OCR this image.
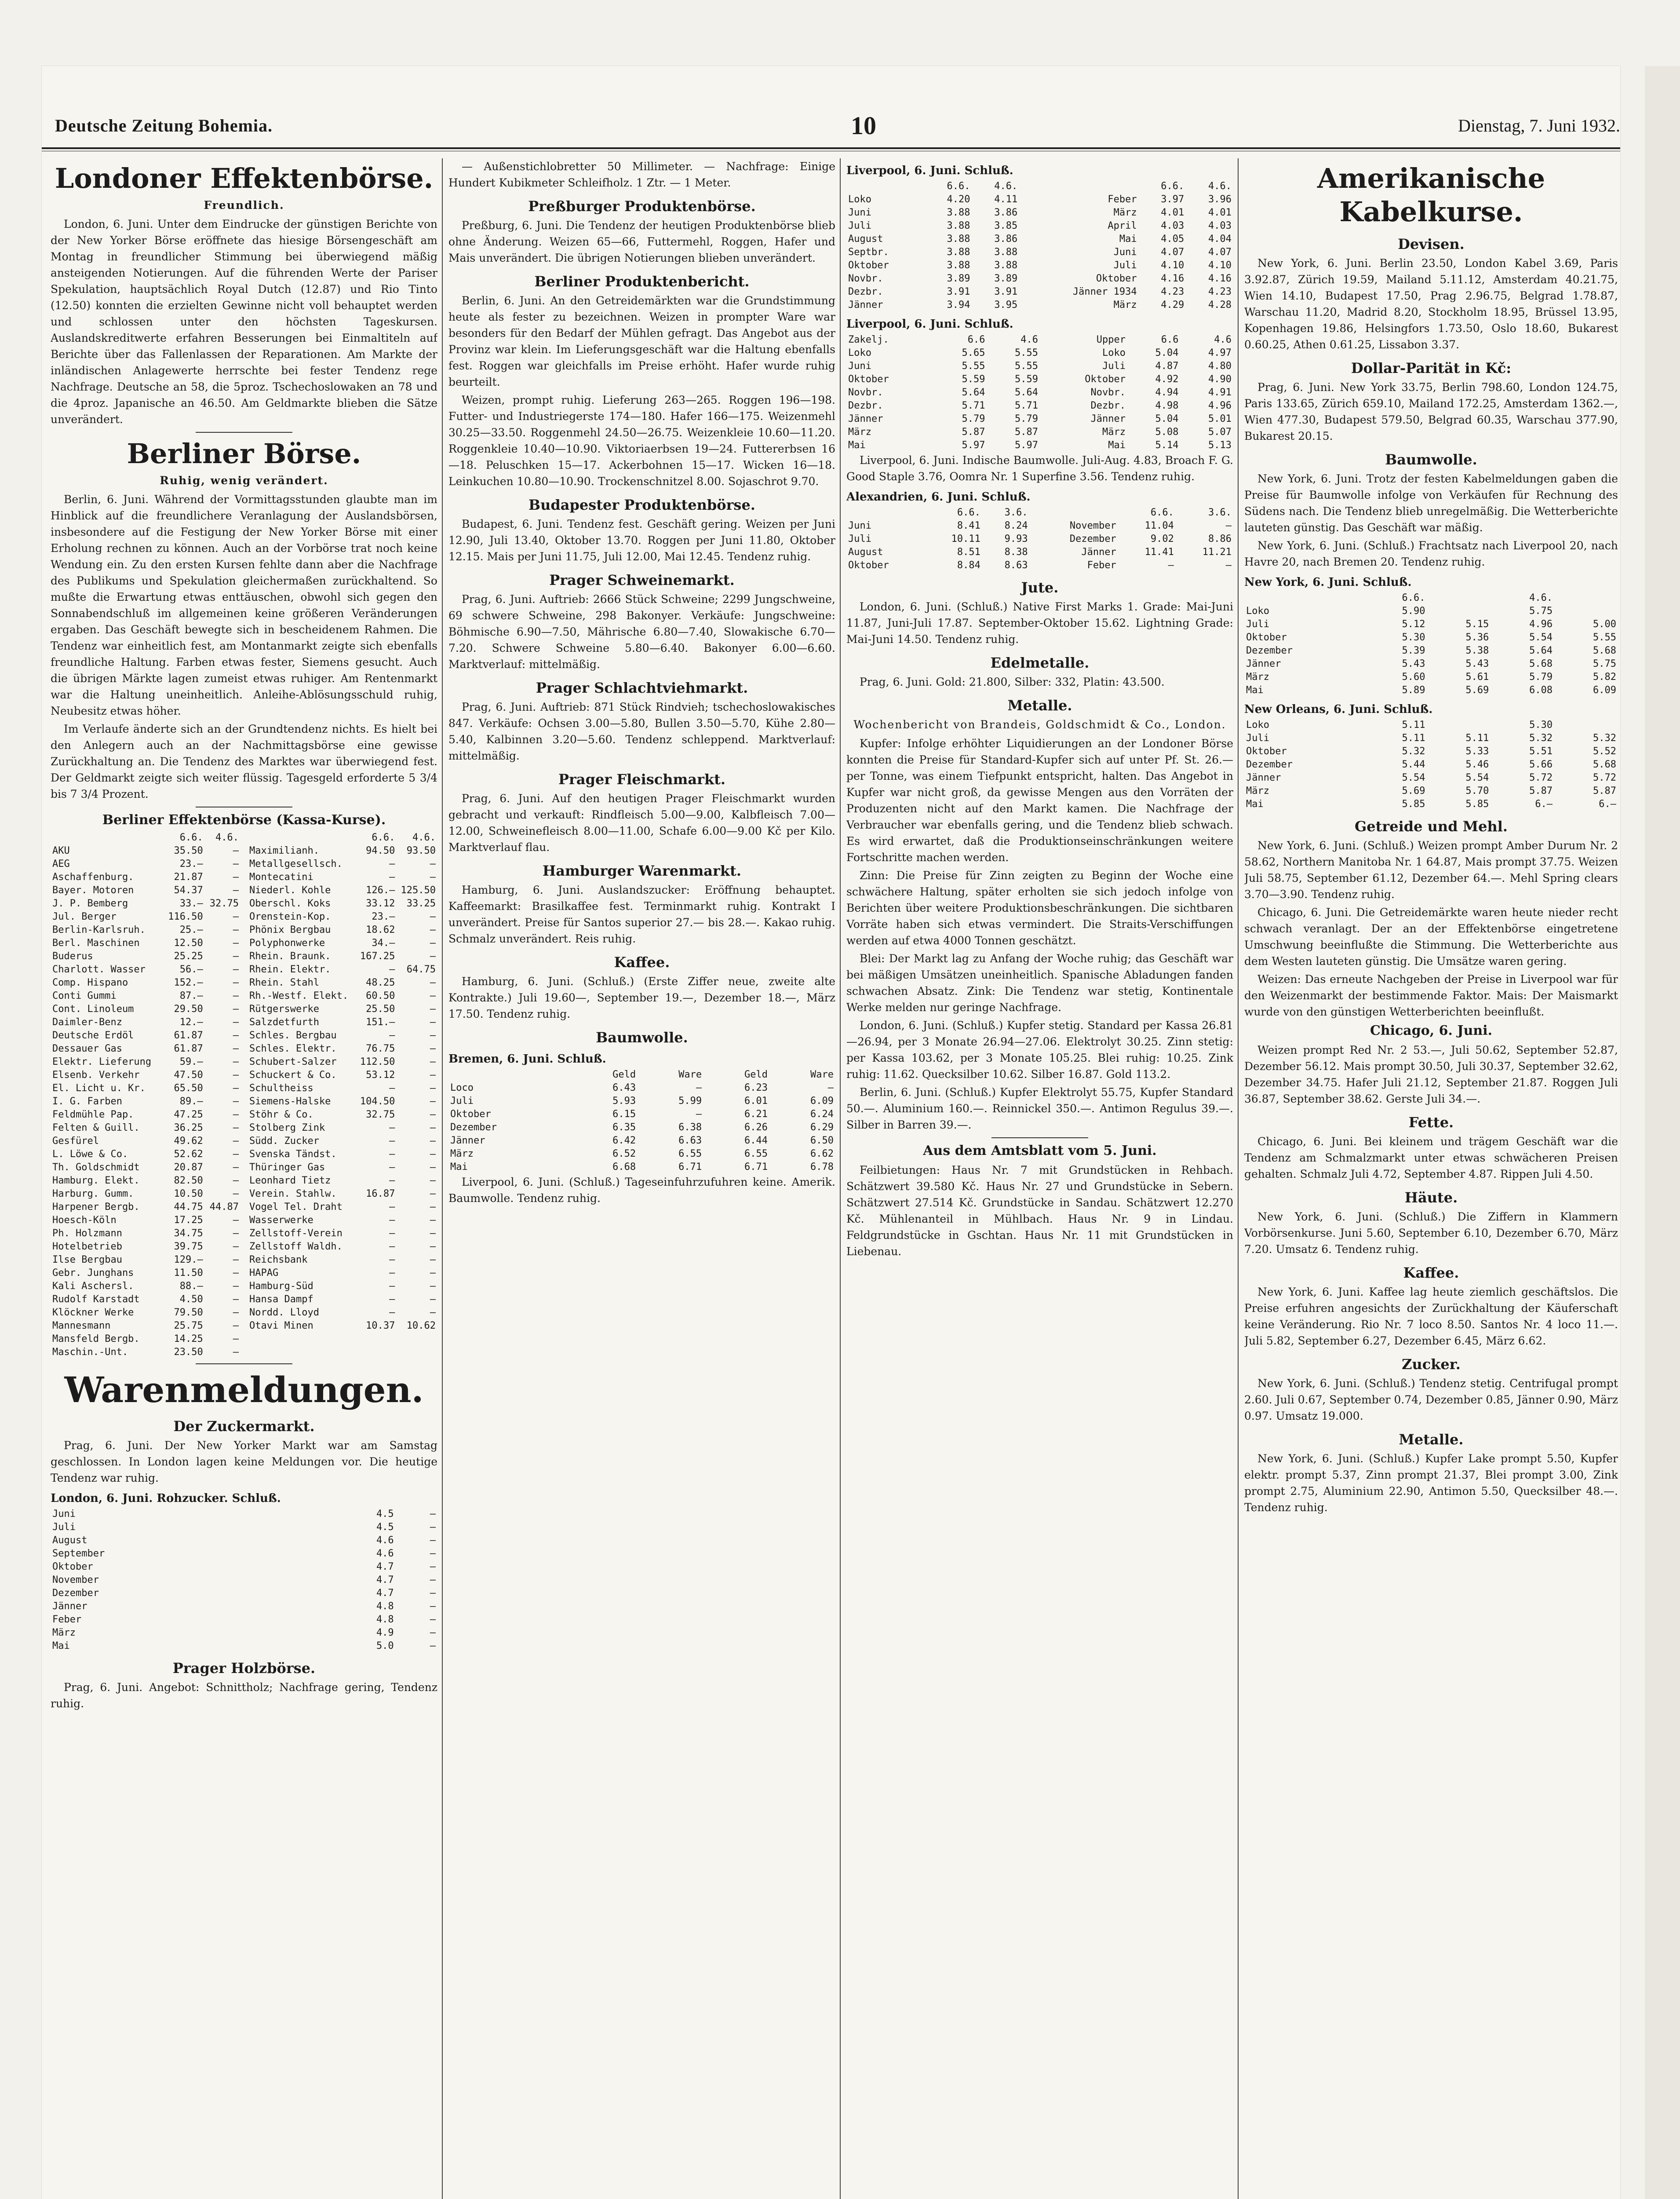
Deutsche Zeitung Bohemia.	10	Dienstag, 7. Juni 1932.
Londoner Effektenbörse.
Freundlich.

London, 6. Juni. Unter dem Eindrucke der günstigen Berichte von der New Yorker Börse eröffnete das hiesige Börsengeschäft am Montag in freundlicher Stimmung bei überwiegend mäßig ansteigenden Notierungen. Auf die führenden Werte der Pariser Spekulation, hauptsächlich Royal Dutch (12.87) und Rio Tinto (12.50) konnten die erzielten Gewinne nicht voll behauptet werden und schlossen unter den höchsten Tageskursen. Auslandskreditwerte erfahren Besserungen bei Einmaltiteln auf Berichte über das Fallenlassen der Reparationen. Am Markte der inländischen Anlagewerte herrschte bei fester Tendenz rege Nachfrage. Deutsche an 58, die 5proz. Tschechoslowaken an 78 und die 4proz. Japanische an 46.50. Am Geldmarkte blieben die Sätze unverändert.

Berliner Börse.
Ruhig, wenig verändert.

Berlin, 6. Juni. Während der Vormittagsstunden glaubte man im Hinblick auf die freundlichere Veranlagung der Auslandsbörsen, insbesondere auf die Festigung der New Yorker Börse mit einer Erholung rechnen zu können. Auch an der Vorbörse trat noch keine Wendung ein. Zu den ersten Kursen fehlte dann aber die Nachfrage des Publikums und Spekulation gleichermaßen zurückhaltend. So mußte die Erwartung etwas enttäuschen, obwohl sich gegen den Sonnabendschluß im allgemeinen keine größeren Veränderungen ergaben. Das Geschäft bewegte sich in bescheidenem Rahmen. Die Tendenz war einheitlich fest, am Montanmarkt zeigte sich ebenfalls freundliche Haltung. Farben etwas fester, Siemens gesucht. Auch die übrigen Märkte lagen zumeist etwas ruhiger. Am Rentenmarkt war die Haltung uneinheitlich. Anleihe-Ablösungsschuld ruhig, Neubesitz etwas höher.

Im Verlaufe änderte sich an der Grundtendenz nichts. Es hielt bei den Anlegern auch an der Nachmittagsbörse eine gewisse Zurückhaltung an. Die Tendenz des Marktes war überwiegend fest. Der Geldmarkt zeigte sich weiter flüssig. Tagesgeld erforderte 5 3/4 bis 7 3/4 Prozent.

Berliner Effektenbörse (Kassa-Kurse).
	6.6.	4.6.
AKU	35.50	—
AEG	23.—	—
Aschaffenburg.	21.87	—
Bayer. Motoren	54.37	—
J. P. Bemberg	33.—	32.75
Jul. Berger	116.50	—
Berlin-Karlsruh.	25.—	—
Berl. Maschinen	12.50	—
Buderus	25.25	—
Charlott. Wasser	56.—	—
Comp. Hispano	152.—	—
Conti Gummi	87.—	—
Cont. Linoleum	29.50	—
Daimler-Benz	12.—	—
Deutsche Erdöl	61.87	—
Dessauer Gas	61.87	—
Elektr. Lieferung	59.—	—
Elsenb. Verkehr	47.50	—
El. Licht u. Kr.	65.50	—
I. G. Farben	89.—	—
Feldmühle Pap.	47.25	—
Felten & Guill.	36.25	—
Gesfürel	49.62	—
L. Löwe & Co.	52.62	—
Th. Goldschmidt	20.87	—
Hamburg. Elekt.	82.50	—
Harburg. Gumm.	10.50	—
Harpener Bergb.	44.75	44.87
Hoesch-Köln	17.25	—
Ph. Holzmann	34.75	—
Hotelbetrieb	39.75	—
Ilse Bergbau	129.—	—
Gebr. Junghans	11.50	—
Kali Aschersl.	88.—	—
Rudolf Karstadt	4.50	—
Klöckner Werke	79.50	—
Mannesmann	25.75	—
Mansfeld Bergb.	14.25	—
Maschin.-Unt.	23.50	—
	6.6.	4.6.
Maximilianh.	94.50	93.50
Metallgesellsch.	—	—
Montecatini	—	—
Niederl. Kohle	126.—	125.50
Oberschl. Koks	33.12	33.25
Orenstein-Kop.	23.—	—
Phönix Bergbau	18.62	—
Polyphonwerke	34.—	—
Rhein. Braunk.	167.25	—
Rhein. Elektr.	—	64.75
Rhein. Stahl	48.25	—
Rh.-Westf. Elekt.	60.50	—
Rütgerswerke	25.50	—
Salzdetfurth	151.—	—
Schles. Bergbau	—	—
Schles. Elektr.	76.75	—
Schubert-Salzer	112.50	—
Schuckert & Co.	53.12	—
Schultheiss	—	—
Siemens-Halske	104.50	—
Stöhr & Co.	32.75	—
Stolberg Zink	—	—
Südd. Zucker	—	—
Svenska Tändst.	—	—
Thüringer Gas	—	—
Leonhard Tietz	—	—
Verein. Stahlw.	16.87	—
Vogel Tel. Draht	—	—
Wasserwerke	—	—
Zellstoff-Verein	—	—
Zellstoff Waldh.	—	—
Reichsbank	—	—
HAPAG	—	—
Hamburg-Süd	—	—
Hansa Dampf	—	—
Nordd. Lloyd	—	—
Otavi Minen	10.37	10.62
Warenmeldungen.
Der Zuckermarkt.

Prag, 6. Juni. Der New Yorker Markt war am Samstag geschlossen. In London lagen keine Meldungen vor. Die heutige Tendenz war ruhig.

London, 6. Juni. Rohzucker. Schluß.
Juni	4.5	—
Juli	4.5	—
August	4.6	—
September	4.6	—
Oktober	4.7	—
November	4.7	—
Dezember	4.7	—
Jänner	4.8	—
Feber	4.8	—
März	4.9	—
Mai	5.0	—
Prager Holzbörse.

Prag, 6. Juni. Angebot: Schnittholz; Nachfrage gering, Tendenz ruhig.

— Außenstichlobretter 50 Millimeter. — Nachfrage: Einige Hundert Kubikmeter Schleifholz. 1 Ztr. — 1 Meter.

Preßburger Produktenbörse.

Preßburg, 6. Juni. Die Tendenz der heutigen Produktenbörse blieb ohne Änderung. Weizen 65—66, Futtermehl, Roggen, Hafer und Mais unverändert. Die übrigen Notierungen blieben unverändert.

Berliner Produktenbericht.

Berlin, 6. Juni. An den Getreidemärkten war die Grundstimmung heute als fester zu bezeichnen. Weizen in prompter Ware war besonders für den Bedarf der Mühlen gefragt. Das Angebot aus der Provinz war klein. Im Lieferungsgeschäft war die Haltung ebenfalls fest. Roggen war gleichfalls im Preise erhöht. Hafer wurde ruhig beurteilt.

Weizen, prompt ruhig. Lieferung 263—265. Roggen 196—198. Futter- und Industriegerste 174—180. Hafer 166—175. Weizenmehl 30.25—33.50. Roggenmehl 24.50—26.75. Weizenkleie 10.60—11.20. Roggenkleie 10.40—10.90. Viktoriaerbsen 19—24. Futtererbsen 16—18. Peluschken 15—17. Ackerbohnen 15—17. Wicken 16—18. Leinkuchen 10.80—10.90. Trockenschnitzel 8.00. Sojaschrot 9.70.

Budapester Produktenbörse.

Budapest, 6. Juni. Tendenz fest. Geschäft gering. Weizen per Juni 12.90, Juli 13.40, Oktober 13.70. Roggen per Juni 11.80, Oktober 12.15. Mais per Juni 11.75, Juli 12.00, Mai 12.45. Tendenz ruhig.

Prager Schweinemarkt.

Prag, 6. Juni. Auftrieb: 2666 Stück Schweine; 2299 Jungschweine, 69 schwere Schweine, 298 Bakonyer. Verkäufe: Jungschweine: Böhmische 6.90—7.50, Mährische 6.80—7.40, Slowakische 6.70—7.20. Schwere Schweine 5.80—6.40. Bakonyer 6.00—6.60. Marktverlauf: mittelmäßig.

Prager Schlachtviehmarkt.

Prag, 6. Juni. Auftrieb: 871 Stück Rindvieh; tschechoslowakisches 847. Verkäufe: Ochsen 3.00—5.80, Bullen 3.50—5.70, Kühe 2.80—5.40, Kalbinnen 3.20—5.60. Tendenz schleppend. Marktverlauf: mittelmäßig.

Prager Fleischmarkt.

Prag, 6. Juni. Auf den heutigen Prager Fleischmarkt wurden gebracht und verkauft: Rindfleisch 5.00—9.00, Kalbfleisch 7.00—12.00, Schweinefleisch 8.00—11.00, Schafe 6.00—9.00 Kč per Kilo. Marktverlauf flau.

Hamburger Warenmarkt.

Hamburg, 6. Juni. Auslandszucker: Eröffnung behauptet. Kaffeemarkt: Brasilkaffee fest. Terminmarkt ruhig. Kontrakt I unverändert. Preise für Santos superior 27.— bis 28.—. Kakao ruhig. Schmalz unverändert. Reis ruhig.

Kaffee.

Hamburg, 6. Juni. (Schluß.) (Erste Ziffer neue, zweite alte Kontrakte.) Juli 19.60—, September 19.—, Dezember 18.—, März 17.50. Tendenz ruhig.

Baumwolle.
Bremen, 6. Juni. Schluß.
	Geld	Ware	Geld	Ware
Loco	6.43	—	6.23	—
Juli	5.93	5.99	6.01	6.09
Oktober	6.15	—	6.21	6.24
Dezember	6.35	6.38	6.26	6.29
Jänner	6.42	6.63	6.44	6.50
März	6.52	6.55	6.55	6.62
Mai	6.68	6.71	6.71	6.78

Liverpool, 6. Juni. (Schluß.) Tageseinfuhrzufuhren keine. Amerik. Baumwolle. Tendenz ruhig.

Liverpool, 6. Juni. Schluß.
	6.6.	4.6.		6.6.	4.6.
Loko	4.20	4.11	Feber	3.97	3.96
Juni	3.88	3.86	März	4.01	4.01
Juli	3.88	3.85	April	4.03	4.03
August	3.88	3.86	Mai	4.05	4.04
Septbr.	3.88	3.88	Juni	4.07	4.07
Oktober	3.88	3.88	Juli	4.10	4.10
Novbr.	3.89	3.89	Oktober	4.16	4.16
Dezbr.	3.91	3.91	Jänner 1934	4.23	4.23
Jänner	3.94	3.95	März	4.29	4.28
Liverpool, 6. Juni. Schluß.
Zakelj.	6.6	4.6	Upper	6.6	4.6
Loko	5.65	5.55	Loko	5.04	4.97
Juni	5.55	5.55	Juli	4.87	4.80
Oktober	5.59	5.59	Oktober	4.92	4.90
Novbr.	5.64	5.64	Novbr.	4.94	4.91
Dezbr.	5.71	5.71	Dezbr.	4.98	4.96
Jänner	5.79	5.79	Jänner	5.04	5.01
März	5.87	5.87	März	5.08	5.07
Mai	5.97	5.97	Mai	5.14	5.13

Liverpool, 6. Juni. Indische Baumwolle. Juli-Aug. 4.83, Broach F. G. Good Staple 3.76, Oomra Nr. 1 Superfine 3.56. Tendenz ruhig.

Alexandrien, 6. Juni. Schluß.
	6.6.	3.6.		6.6.	3.6.
Juni	8.41	8.24	November	11.04	—
Juli	10.11	9.93	Dezember	9.02	8.86
August	8.51	8.38	Jänner	11.41	11.21
Oktober	8.84	8.63	Feber	—	—
Jute.

London, 6. Juni. (Schluß.) Native First Marks 1. Grade: Mai-Juni 11.87, Juni-Juli 17.87. September-Oktober 15.62. Lightning Grade: Mai-Juni 14.50. Tendenz ruhig.

Edelmetalle.

Prag, 6. Juni. Gold: 21.800, Silber: 332, Platin: 43.500.

Metalle.
Wochenbericht von Brandeis, Goldschmidt & Co., London.

Kupfer: Infolge erhöhter Liquidierungen an der Londoner Börse konnten die Preise für Standard-Kupfer sich auf unter Pf. St. 26.— per Tonne, was einem Tiefpunkt entspricht, halten. Das Angebot in Kupfer war nicht groß, da gewisse Mengen aus den Vorräten der Produzenten nicht auf den Markt kamen. Die Nachfrage der Verbraucher war ebenfalls gering, und die Tendenz blieb schwach. Es wird erwartet, daß die Produktionseinschränkungen weitere Fortschritte machen werden.

Zinn: Die Preise für Zinn zeigten zu Beginn der Woche eine schwächere Haltung, später erholten sie sich jedoch infolge von Berichten über weitere Produktionsbeschränkungen. Die sichtbaren Vorräte haben sich etwas vermindert. Die Straits-Verschiffungen werden auf etwa 4000 Tonnen geschätzt.

Blei: Der Markt lag zu Anfang der Woche ruhig; das Geschäft war bei mäßigen Umsätzen uneinheitlich. Spanische Abladungen fanden schwachen Absatz. Zink: Die Tendenz war stetig, Kontinentale Werke melden nur geringe Nachfrage.

London, 6. Juni. (Schluß.) Kupfer stetig. Standard per Kassa 26.81—26.94, per 3 Monate 26.94—27.06. Elektrolyt 30.25. Zinn stetig: per Kassa 103.62, per 3 Monate 105.25. Blei ruhig: 10.25. Zink ruhig: 11.62. Quecksilber 10.62. Silber 16.87. Gold 113.2.

Berlin, 6. Juni. (Schluß.) Kupfer Elektrolyt 55.75, Kupfer Standard 50.—. Aluminium 160.—. Reinnickel 350.—. Antimon Regulus 39.—. Silber in Barren 39.—.

Aus dem Amtsblatt vom 5. Juni.

Feilbietungen: Haus Nr. 7 mit Grundstücken in Rehbach. Schätzwert 39.580 Kč. Haus Nr. 27 und Grundstücke in Sebern. Schätzwert 27.514 Kč. Grundstücke in Sandau. Schätzwert 12.270 Kč. Mühlenanteil in Mühlbach. Haus Nr. 9 in Lindau. Feldgrundstücke in Gschtan. Haus Nr. 11 mit Grundstücken in Liebenau.

Amerikanische Kabelkurse.
Devisen.

New York, 6. Juni. Berlin 23.50, London Kabel 3.69, Paris 3.92.87, Zürich 19.59, Mailand 5.11.12, Amsterdam 40.21.75, Wien 14.10, Budapest 17.50, Prag 2.96.75, Belgrad 1.78.87, Warschau 11.20, Madrid 8.20, Stockholm 18.95, Brüssel 13.95, Kopenhagen 19.86, Helsingfors 1.73.50, Oslo 18.60, Bukarest 0.60.25, Athen 0.61.25, Lissabon 3.37.

Dollar-Parität in Kč:

Prag, 6. Juni. New York 33.75, Berlin 798.60, London 124.75, Paris 133.65, Zürich 659.10, Mailand 172.25, Amsterdam 1362.—, Wien 477.30, Budapest 579.50, Belgrad 60.35, Warschau 377.90, Bukarest 20.15.

Baumwolle.

New York, 6. Juni. Trotz der festen Kabelmeldungen gaben die Preise für Baumwolle infolge von Verkäufen für Rechnung des Südens nach. Die Tendenz blieb unregelmäßig. Die Wetterberichte lauteten günstig. Das Geschäft war mäßig.

New York, 6. Juni. (Schluß.) Frachtsatz nach Liverpool 20, nach Havre 20, nach Bremen 20. Tendenz ruhig.

New York, 6. Juni. Schluß.
	6.6.		4.6.	
Loko	5.90		5.75	
Juli	5.12	5.15	4.96	5.00
Oktober	5.30	5.36	5.54	5.55
Dezember	5.39	5.38	5.64	5.68
Jänner	5.43	5.43	5.68	5.75
März	5.60	5.61	5.79	5.82
Mai	5.89	5.69	6.08	6.09
New Orleans, 6. Juni. Schluß.
Loko	5.11		5.30	
Juli	5.11	5.11	5.32	5.32
Oktober	5.32	5.33	5.51	5.52
Dezember	5.44	5.46	5.66	5.68
Jänner	5.54	5.54	5.72	5.72
März	5.69	5.70	5.87	5.87
Mai	5.85	5.85	6.—	6.—
Getreide und Mehl.

New York, 6. Juni. (Schluß.) Weizen prompt Amber Durum Nr. 2 58.62, Northern Manitoba Nr. 1 64.87, Mais prompt 37.75. Weizen Juli 58.75, September 61.12, Dezember 64.—. Mehl Spring clears 3.70—3.90. Tendenz ruhig.

Chicago, 6. Juni. Die Getreidemärkte waren heute nieder recht schwach veranlagt. Der an der Effektenbörse eingetretene Umschwung beeinflußte die Stimmung. Die Wetterberichte aus dem Westen lauteten günstig. Die Umsätze waren gering.

Weizen: Das erneute Nachgeben der Preise in Liverpool war für den Weizenmarkt der bestimmende Faktor. Mais: Der Maismarkt wurde von den günstigen Wetterberichten beeinflußt.

Chicago, 6. Juni.

Weizen prompt Red Nr. 2 53.—, Juli 50.62, September 52.87, Dezember 56.12. Mais prompt 30.50, Juli 30.37, September 32.62, Dezember 34.75. Hafer Juli 21.12, September 21.87. Roggen Juli 36.87, September 38.62. Gerste Juli 34.—.

Fette.

Chicago, 6. Juni. Bei kleinem und trägem Geschäft war die Tendenz am Schmalzmarkt unter etwas schwächeren Preisen gehalten. Schmalz Juli 4.72, September 4.87. Rippen Juli 4.50.

Häute.

New York, 6. Juni. (Schluß.) Die Ziffern in Klammern Vorbörsenkurse. Juni 5.60, September 6.10, Dezember 6.70, März 7.20. Umsatz 6. Tendenz ruhig.

Kaffee.

New York, 6. Juni. Kaffee lag heute ziemlich geschäftslos. Die Preise erfuhren angesichts der Zurückhaltung der Käuferschaft keine Veränderung. Rio Nr. 7 loco 8.50. Santos Nr. 4 loco 11.—. Juli 5.82, September 6.27, Dezember 6.45, März 6.62.

Zucker.

New York, 6. Juni. (Schluß.) Tendenz stetig. Centrifugal prompt 2.60. Juli 0.67, September 0.74, Dezember 0.85, Jänner 0.90, März 0.97. Umsatz 19.000.

Metalle.

New York, 6. Juni. (Schluß.) Kupfer Lake prompt 5.50, Kupfer elektr. prompt 5.37, Zinn prompt 21.37, Blei prompt 3.00, Zink prompt 2.75, Aluminium 22.90, Antimon 5.50, Quecksilber 48.—. Tendenz ruhig.
